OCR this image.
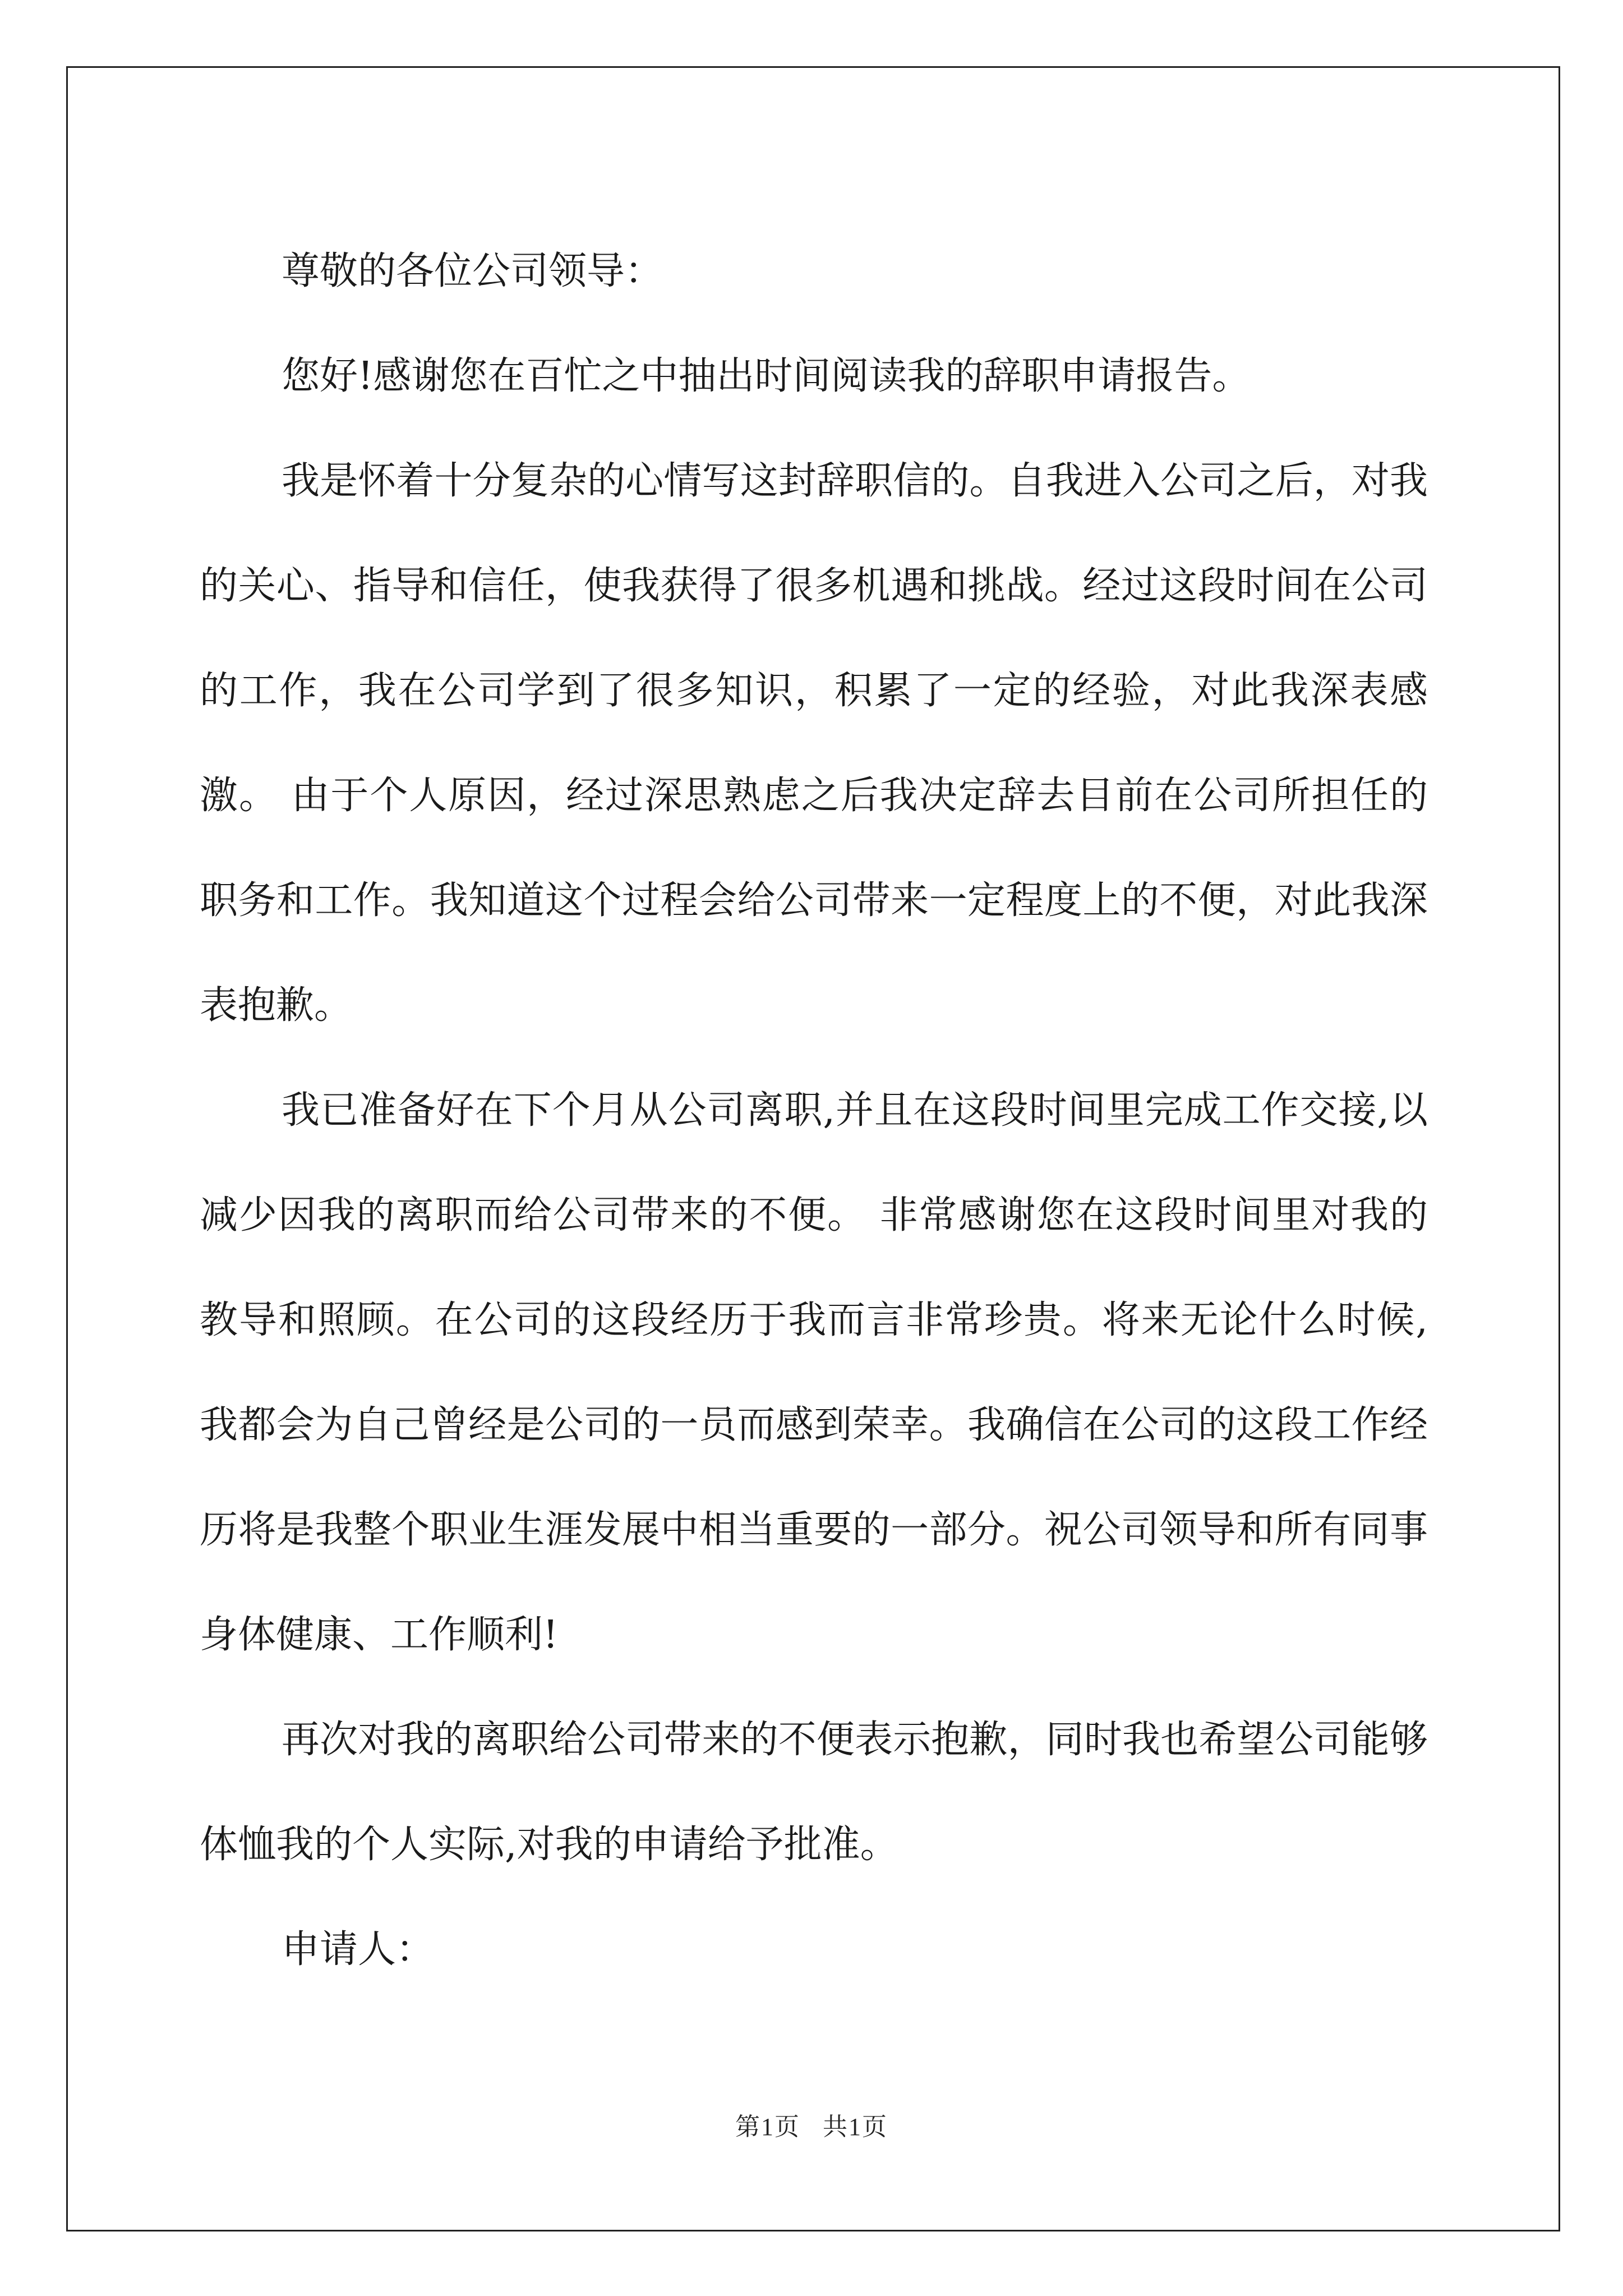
尊敬的各位公司领导：

您好!感谢您在百忙之中抽出时间阅读我的辞职申请报告。

我是怀着十分复杂的心情写这封辞职信的。自我进入公司之后，对我的关心、指导和信任，使我获得了很多机遇和挑战。经过这段时间在公司的工作，我在公司学到了很多知识，积累了一定的经验，对此我深表感激。 由于个人原因，经过深思熟虑之后我决定辞去目前在公司所担任的职务和工作。我知道这个过程会给公司带来一定程度上的不便，对此我深表抱歉。

我已准备好在下个月从公司离职,并且在这段时间里完成工作交接,以减少因我的离职而给公司带来的不便。 非常感谢您在这段时间里对我的教导和照顾。在公司的这段经历于我而言非常珍贵。将来无论什么时候,我都会为自己曾经是公司的一员而感到荣幸。我确信在公司的这段工作经历将是我整个职业生涯发展中相当重要的一部分。祝公司领导和所有同事身体健康、工作顺利!

再次对我的离职给公司带来的不便表示抱歉，同时我也希望公司能够体恤我的个人实际,对我的申请给予批准。

申请人：

第1页 共1页
